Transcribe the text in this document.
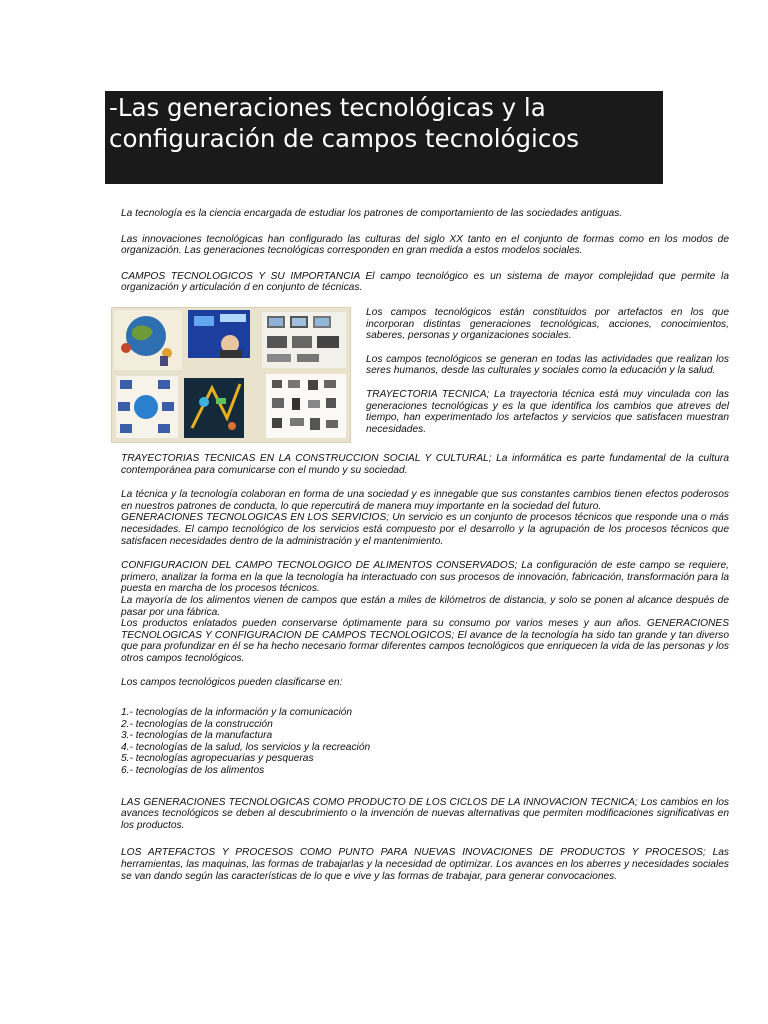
-Las generaciones tecnológicas y la configuración de campos tecnológicos

La tecnología es la ciencia encargada de estudiar los patrones de comportamiento de las sociedades antiguas.

Las innovaciones tecnológicas han configurado las culturas del siglo XX tanto en el conjunto de formas como en los modos de organización. Las generaciones tecnológicas corresponden en gran medida a estos modelos sociales.

CAMPOS TECNOLOGICOS Y SU IMPORTANCIA El campo tecnológico es un sistema de mayor complejidad que permite la organización y articulación d en conjunto de técnicas.

Los campos tecnológicos están constituidos por artefactos en los que incorporan distintas generaciones tecnológicas, acciones, conocimientos, saberes, personas y organizaciones sociales.

Los campos tecnológicos se generan en todas las actividades que realizan los seres humanos, desde las culturales y sociales como la educación y la salud.

TRAYECTORIA TECNICA; La trayectoria técnica está muy vinculada con las generaciones tecnológicas y es la que identifica los cambios que atreves del tiempo, han experimentado los artefactos y servicios que satisfacen muestran necesidades.

TRAYECTORIAS TECNICAS EN LA CONSTRUCCION SOCIAL Y CULTURAL; La informática es parte fundamental de la cultura contemporánea para comunicarse con el mundo y su sociedad.

La técnica y la tecnología colaboran en forma de una sociedad y es innegable que sus constantes cambios tienen efectos poderosos en nuestros patrones de conducta, lo que repercutirá de manera muy importante en la sociedad del futuro.

GENERACIONES TECNOLOGICAS EN LOS SERVICIOS; Un servicio es un conjunto de procesos técnicos que responde una o más necesidades. El campo tecnológico de los servicios está compuesto por el desarrollo y la agrupación de los procesos técnicos que satisfacen necesidades dentro de la administración y el mantenimiento.

CONFIGURACION DEL CAMPO TECNOLOGICO DE ALIMENTOS CONSERVADOS; La configuración de este campo se requiere, primero, analizar la forma en la que la tecnología ha interactuado con sus procesos de innovación, fabricación, transformación para la puesta en marcha de los procesos técnicos.

La mayoría de los alimentos vienen de campos que están a miles de kilómetros de distancia, y solo se ponen al alcance después de pasar por una fábrica.

Los productos enlatados pueden conservarse óptimamente para su consumo por varios meses y aun años. GENERACIONES TECNOLOGICAS Y CONFIGURACION DE CAMPOS TECNOLOGICOS; El avance de la tecnología ha sido tan grande y tan diverso que para profundizar en él se ha hecho necesario formar diferentes campos tecnológicos que enriquecen la vida de las personas y los otros campos tecnológicos.

Los campos tecnológicos pueden clasificarse en:

1.- tecnologías de la información y la comunicación
2.- tecnologías de la construcción
3.- tecnologías de la manufactura
4.- tecnologías de la salud, los servicios y la recreación
5.- tecnologías agropecuarias y pesqueras
6.- tecnologías de los alimentos

LAS GENERACIONES TECNOLOGICAS COMO PRODUCTO DE LOS CICLOS DE LA INNOVACION TECNICA; Los cambios en los avances tecnológicos se deben al descubrimiento o la invención de nuevas alternativas que permiten modificaciones significativas en los productos.

LOS ARTEFACTOS Y PROCESOS COMO PUNTO PARA NUEVAS INOVACIONES DE PRODUCTOS Y PROCESOS; Las herramientas, las maquinas, las formas de trabajarlas y la necesidad de optimizar. Los avances en los aberres y necesidades sociales se van dando según las características de lo que e vive y las formas de trabajar, para generar convocaciones.
